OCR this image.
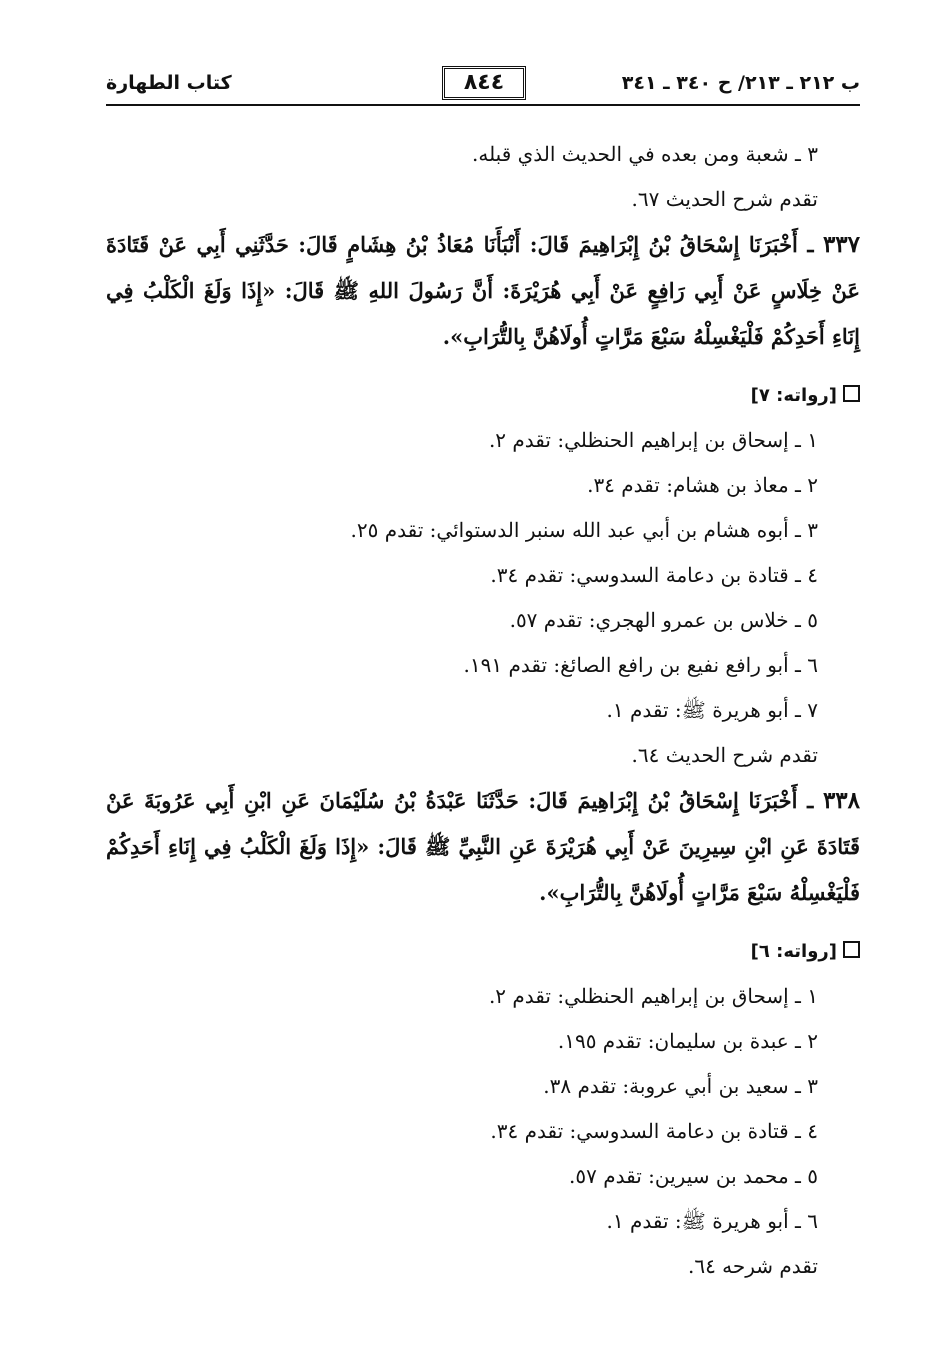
ب ٢١٢ ـ ٢١٣/ ح ٣٤٠ ـ ٣٤١
٨٤٤
كتاب الطهارة
٣ ـ شعبة ومن بعده في الحديث الذي قبله.
تقدم شرح الحديث ٦٧.
٣٣٧ ـ أَخْبَرَنَا إِسْحَاقُ بْنُ إِبْرَاهِيمَ قَالَ: أَنْبَأَنَا مُعَاذُ بْنُ هِشَامٍ قَالَ: حَدَّثَنِي أَبِي عَنْ قَتَادَةَ عَنْ خِلَاسٍ عَنْ أَبِي رَافِعٍ عَنْ أَبِي هُرَيْرَةَ: أَنَّ رَسُولَ اللهِ ﷺ قَالَ: «إِذَا وَلَغَ الْكَلْبُ فِي إِنَاءِ أَحَدِكُمْ فَلْيَغْسِلْهُ سَبْعَ مَرَّاتٍ أُولَاهُنَّ بِالتُّرَابِ».
[رواته: ٧]
١ ـ إسحاق بن إبراهيم الحنظلي: تقدم ٢.
٢ ـ معاذ بن هشام: تقدم ٣٤.
٣ ـ أبوه هشام بن أبي عبد الله سنبر الدستوائي: تقدم ٢٥.
٤ ـ قتادة بن دعامة السدوسي: تقدم ٣٤.
٥ ـ خلاس بن عمرو الهجري: تقدم ٥٧.
٦ ـ أبو رافع نفيع بن رافع الصائغ: تقدم ١٩١.
٧ ـ أبو هريرة ﷺ: تقدم ١.
تقدم شرح الحديث ٦٤.
٣٣٨ ـ أَخْبَرَنَا إِسْحَاقُ بْنُ إِبْرَاهِيمَ قَالَ: حَدَّثَنَا عَبْدَةُ بْنُ سُلَيْمَانَ عَنِ ابْنِ أَبِي عَرُوبَةَ عَنْ قَتَادَةَ عَنِ ابْنِ سِيرِينَ عَنْ أَبِي هُرَيْرَةَ عَنِ النَّبِيِّ ﷺ قَالَ: «إِذَا وَلَغَ الْكَلْبُ فِي إِنَاءِ أَحَدِكُمْ فَلْيَغْسِلْهُ سَبْعَ مَرَّاتٍ أُولَاهُنَّ بِالتُّرَابِ».
[رواته: ٦]
١ ـ إسحاق بن إبراهيم الحنظلي: تقدم ٢.
٢ ـ عبدة بن سليمان: تقدم ١٩٥.
٣ ـ سعيد بن أبي عروبة: تقدم ٣٨.
٤ ـ قتادة بن دعامة السدوسي: تقدم ٣٤.
٥ ـ محمد بن سيرين: تقدم ٥٧.
٦ ـ أبو هريرة ﷺ: تقدم ١.
تقدم شرحه ٦٤.
